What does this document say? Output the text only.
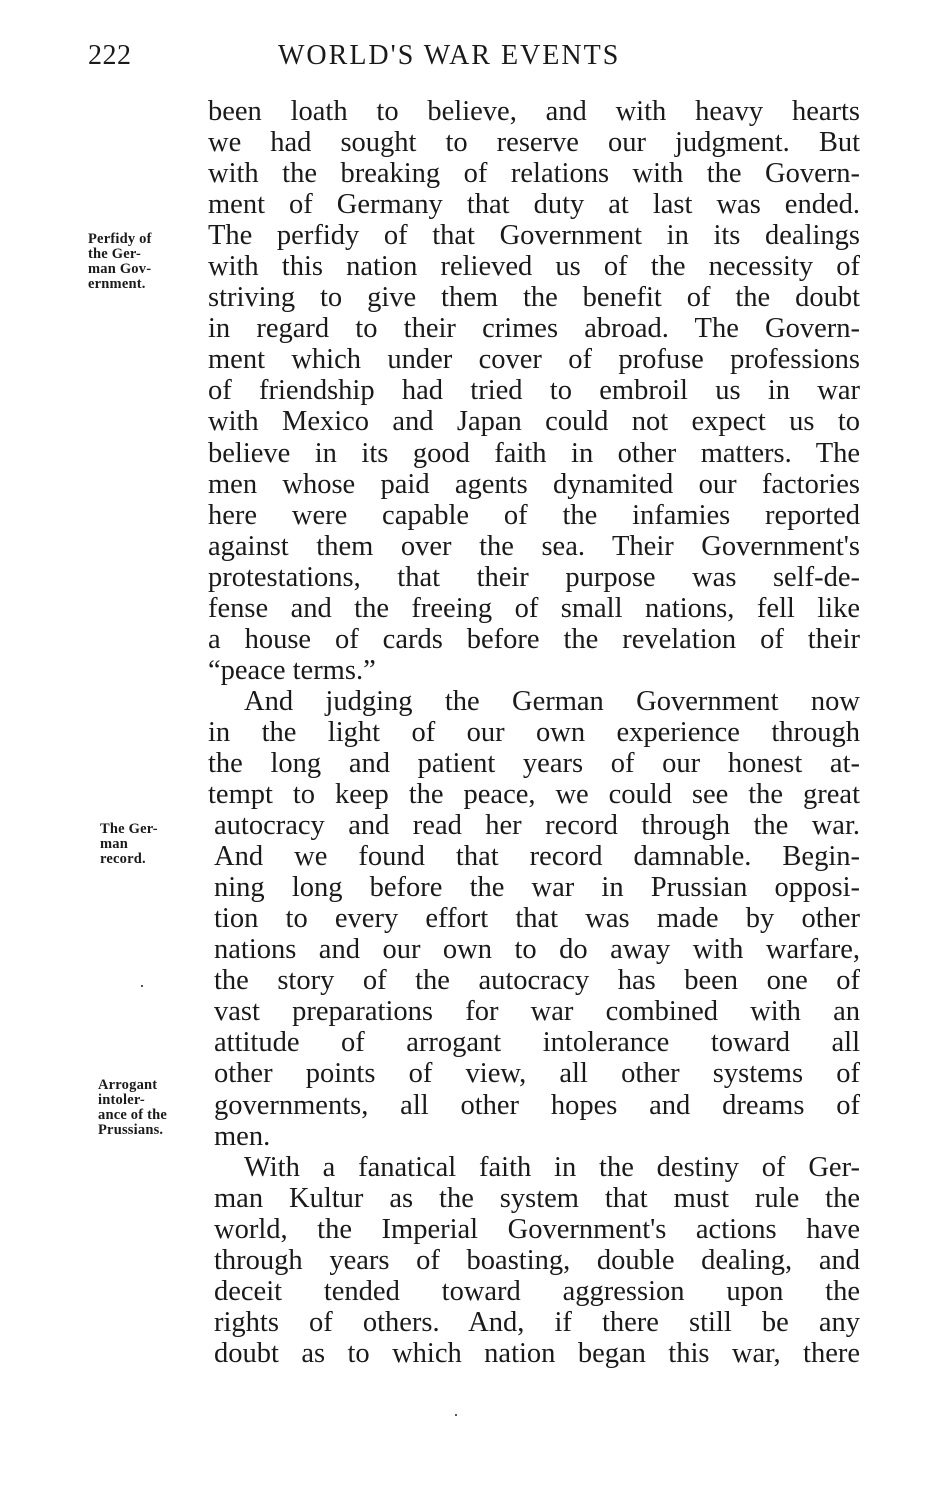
222	WORLD'S WAR EVENTS
been loath to believe, and with heavy hearts
we had sought to reserve our judgment. But
with the breaking of relations with the Govern-
ment of Germany that duty at last was ended.
The perfidy of that Government in its dealings
with this nation relieved us of the necessity of
striving to give them the benefit of the doubt
in regard to their crimes abroad. The Govern-
ment which under cover of profuse professions
of friendship had tried to embroil us in war
with Mexico and Japan could not expect us to
believe in its good faith in other matters. The
men whose paid agents dynamited our factories
here were capable of the infamies reported
against them over the sea. Their Government's
protestations, that their purpose was self-de-
fense and the freeing of small nations, fell like
a house of cards before the revelation of their
“peace terms.”
And judging the German Government now
in the light of our own experience through
the long and patient years of our honest at-
tempt to keep the peace, we could see the great
autocracy and read her record through the war.
And we found that record damnable. Begin-
ning long before the war in Prussian opposi-
tion to every effort that was made by other
nations and our own to do away with warfare,
the story of the autocracy has been one of
vast preparations for war combined with an
attitude of arrogant intolerance toward all
other points of view, all other systems of
governments, all other hopes and dreams of
men.
With a fanatical faith in the destiny of Ger-
man Kultur as the system that must rule the
world, the Imperial Government's actions have
through years of boasting, double dealing, and
deceit tended toward aggression upon the
rights of others. And, if there still be any
doubt as to which nation began this war, there
Perfidy of
the Ger-
man Gov-
ernment.
The Ger-
man
record.
Arrogant
intoler-
ance of the
Prussians.
